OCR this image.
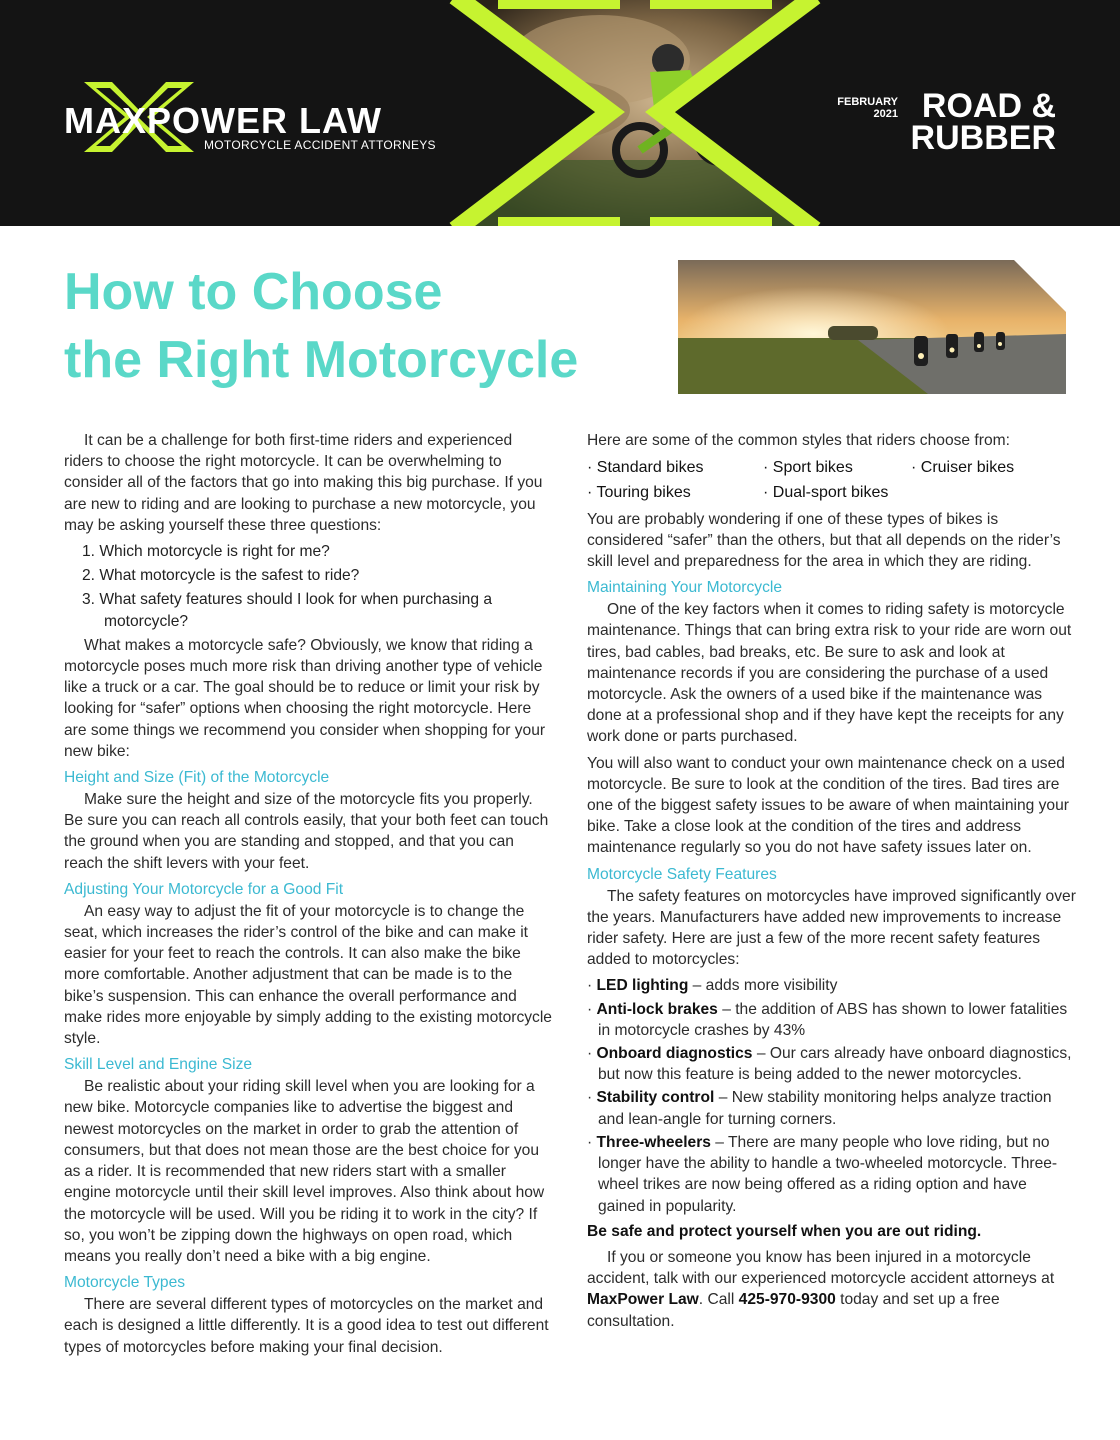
MAXPOWER LAW
MOTORCYCLE ACCIDENT ATTORNEYS
FEBRUARY
2021 ROAD &
RUBBER
How to Choose
the Right Motorcycle

It can be a challenge for both first-time riders and experienced riders to choose the right motorcycle. It can be overwhelming to consider all of the factors that go into making this big purchase. If you are new to riding and are looking to purchase a new motorcycle, you may be asking yourself these three questions:

1. Which motorcycle is right for me?
2. What motorcycle is the safest to ride?
3. What safety features should I look for when purchasing a motorcycle?

What makes a motorcycle safe? Obviously, we know that riding a motorcycle poses much more risk than driving another type of vehicle like a truck or a car. The goal should be to reduce or limit your risk by looking for “safer” options when choosing the right motorcycle. Here are some things we recommend you consider when shopping for your new bike:

Height and Size (Fit) of the Motorcycle

Make sure the height and size of the motorcycle fits you properly. Be sure you can reach all controls easily, that your both feet can touch the ground when you are standing and stopped, and that you can reach the shift levers with your feet.

Adjusting Your Motorcycle for a Good Fit

An easy way to adjust the fit of your motorcycle is to change the seat, which increases the rider’s control of the bike and can make it easier for your feet to reach the controls. It can also make the bike more comfortable. Another adjustment that can be made is to the bike’s suspension. This can enhance the overall performance and make rides more enjoyable by simply adding to the existing motorcycle style.

Skill Level and Engine Size

Be realistic about your riding skill level when you are looking for a new bike. Motorcycle companies like to advertise the biggest and newest motorcycles on the market in order to grab the attention of consumers, but that does not mean those are the best choice for you as a rider. It is recommended that new riders start with a smaller engine motorcycle until their skill level improves. Also think about how the motorcycle will be used. Will you be riding it to work in the city? If so, you won’t be zipping down the highways on open road, which means you really don’t need a bike with a big engine.

Motorcycle Types

There are several different types of motorcycles on the market and each is designed a little differently. It is a good idea to test out different types of motorcycles before making your final decision.

Here are some of the common styles that riders choose from:

· Standard bikes	· Sport bikes	· Cruiser bikes
· Touring bikes	· Dual-sport bikes

You are probably wondering if one of these types of bikes is considered “safer” than the others, but that all depends on the rider’s skill level and preparedness for the area in which they are riding.

Maintaining Your Motorcycle

One of the key factors when it comes to riding safety is motorcycle maintenance. Things that can bring extra risk to your ride are worn out tires, bad cables, bad breaks, etc. Be sure to ask and look at maintenance records if you are considering the purchase of a used motorcycle. Ask the owners of a used bike if the maintenance was done at a professional shop and if they have kept the receipts for any work done or parts purchased.

You will also want to conduct your own maintenance check on a used motorcycle. Be sure to look at the condition of the tires. Bad tires are one of the biggest safety issues to be aware of when maintaining your bike. Take a close look at the condition of the tires and address maintenance regularly so you do not have safety issues later on.

Motorcycle Safety Features

The safety features on motorcycles have improved significantly over the years. Manufacturers have added new improvements to increase rider safety. Here are just a few of the more recent safety features added to motorcycles:

· LED lighting – adds more visibility
· Anti-lock brakes – the addition of ABS has shown to lower fatalities in motorcycle crashes by 43%
· Onboard diagnostics – Our cars already have onboard diagnostics, but now this feature is being added to the newer motorcycles.
· Stability control – New stability monitoring helps analyze traction and lean-angle for turning corners.
· Three-wheelers – There are many people who love riding, but no longer have the ability to handle a two-wheeled motorcycle. Three-wheel trikes are now being offered as a riding option and have gained in popularity.

Be safe and protect yourself when you are out riding.

If you or someone you know has been injured in a motorcycle accident, talk with our experienced motorcycle accident attorneys at MaxPower Law. Call 425-970-9300 today and set up a free consultation.
